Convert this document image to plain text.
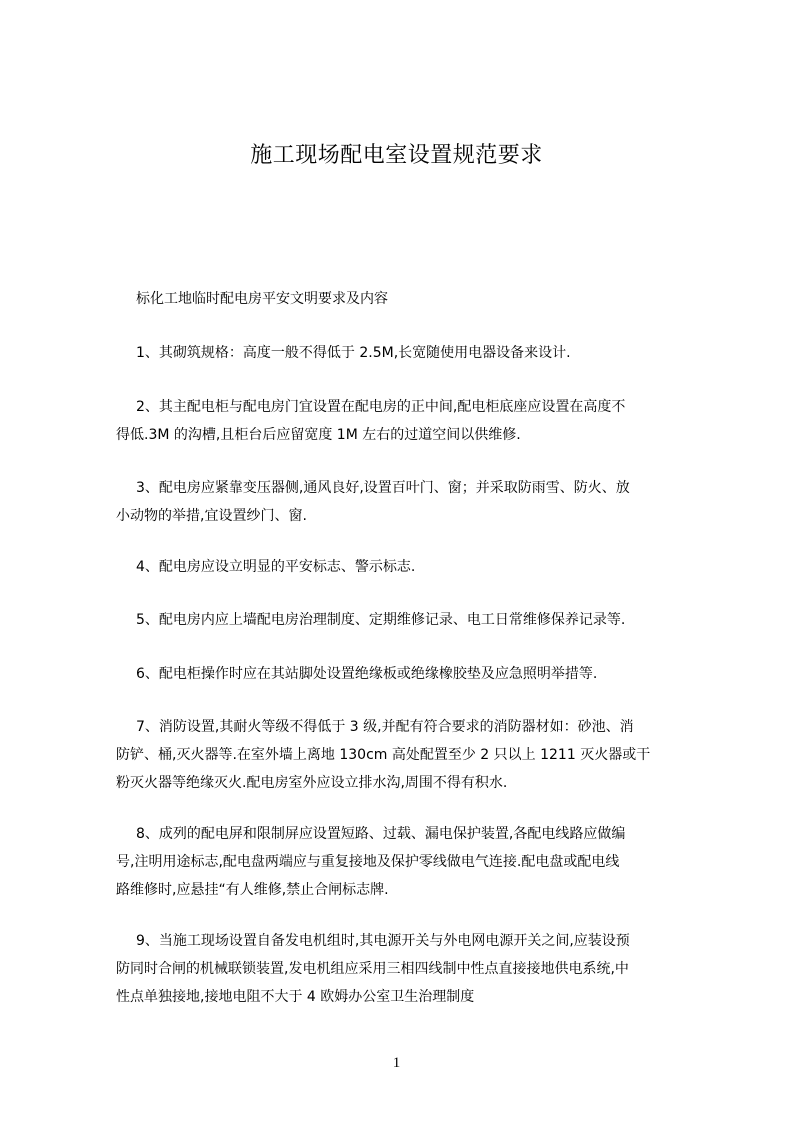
施工现场配电室设置规范要求

标化工地临时配电房平安文明要求及内容

1、其砌筑规格：高度一般不得低于 2.5M,长宽随使用电器设备来设计.

2、其主配电柜与配电房门宜设置在配电房的正中间,配电柜底座应设置在高度不
得低.3M 的沟槽,且柜台后应留宽度 1M 左右的过道空间以供维修.

3、配电房应紧靠变压器侧,通风良好,设置百叶门、窗；并采取防雨雪、防火、放
小动物的举措,宜设置纱门、窗.

4、配电房应设立明显的平安标志、警示标志.

5、配电房内应上墙配电房治理制度、定期维修记录、电工日常维修保养记录等.

6、配电柜操作时应在其站脚处设置绝缘板或绝缘橡胶垫及应急照明举措等.

7、消防设置,其耐火等级不得低于 3 级,并配有符合要求的消防器材如：砂池、消
防铲、桶,灭火器等.在室外墙上离地 130cm 高处配置至少 2 只以上 1211 灭火器或干
粉灭火器等绝缘灭火.配电房室外应设立排水沟,周围不得有积水.

8、成列的配电屏和限制屏应设置短路、过载、漏电保护装置,各配电线路应做编
号,注明用途标志,配电盘两端应与重复接地及保护零线做电气连接.配电盘或配电线
路维修时,应悬挂“有人维修,禁止合闸标志牌.

9、当施工现场设置自备发电机组时,其电源开关与外电网电源开关之间,应装设预
防同时合闸的机械联锁装置,发电机组应采用三相四线制中性点直接接地供电系统,中
性点单独接地,接地电阻不大于 4 欧姆办公室卫生治理制度

1
